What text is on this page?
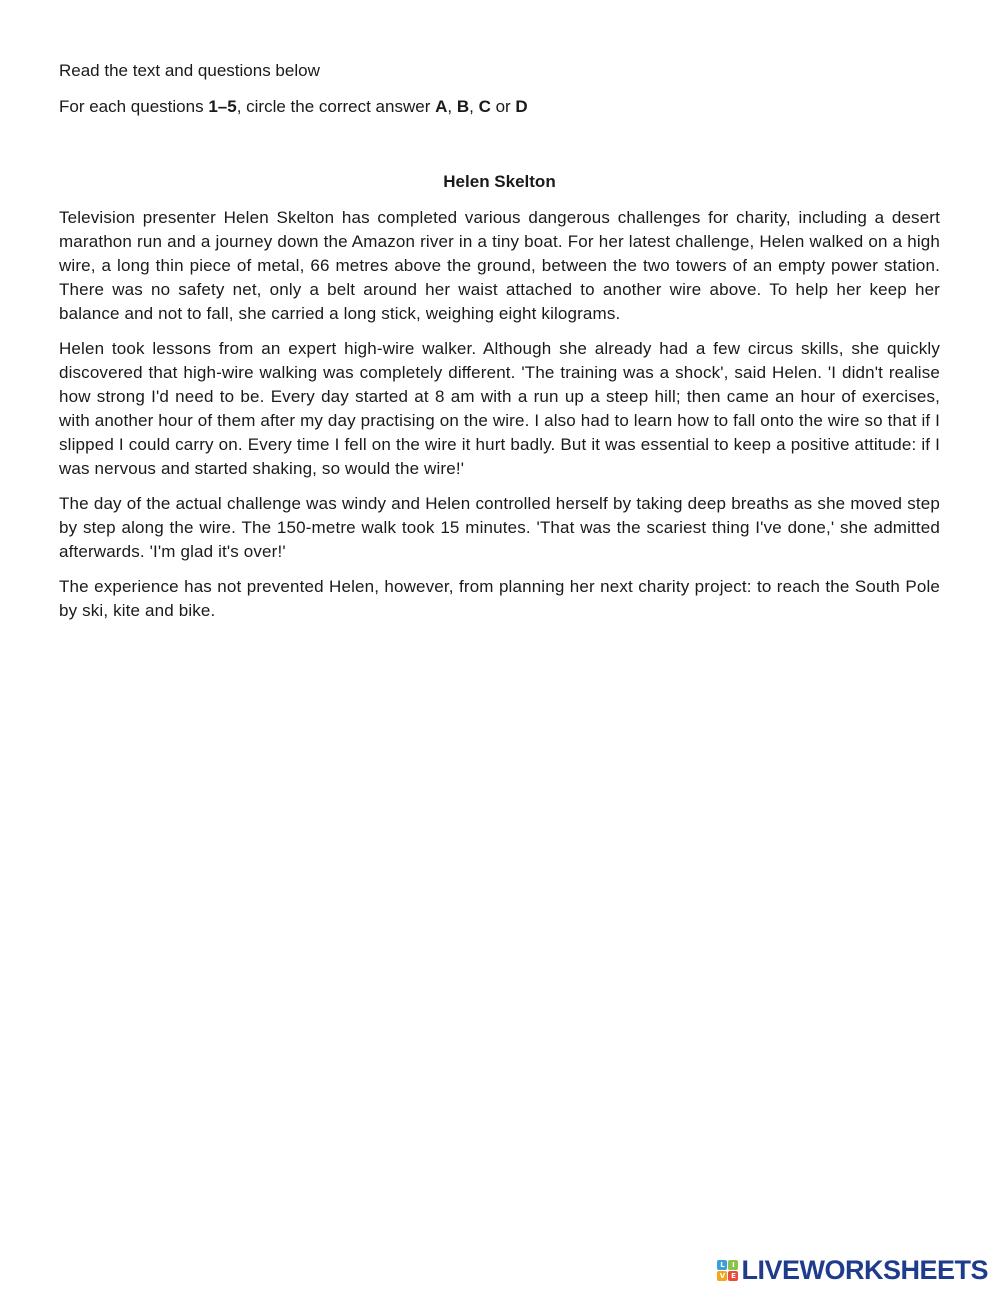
Read the text and questions below

For each questions 1–5, circle the correct answer A, B, C or D

Helen Skelton

Television presenter Helen Skelton has completed various dangerous challenges for charity, including a desert marathon run and a journey down the Amazon river in a tiny boat. For her latest challenge, Helen walked on a high wire, a long thin piece of metal, 66 metres above the ground, between the two towers of an empty power station. There was no safety net, only a belt around her waist attached to another wire above. To help her keep her balance and not to fall, she carried a long stick, weighing eight kilograms.

Helen took lessons from an expert high-wire walker. Although she already had a few circus skills, she quickly discovered that high-wire walking was completely different. 'The training was a shock', said Helen. 'I didn't realise how strong I'd need to be. Every day started at 8 am with a run up a steep hill; then came an hour of exercises, with another hour of them after my day practising on the wire. I also had to learn how to fall onto the wire so that if I slipped I could carry on. Every time I fell on the wire it hurt badly. But it was essential to keep a positive attitude: if I was nervous and started shaking, so would the wire!'

The day of the actual challenge was windy and Helen controlled herself by taking deep breaths as she moved step by step along the wire. The 150-metre walk took 15 minutes. 'That was the scariest thing I've done,' she admitted afterwards. 'I'm glad it's over!'

The experience has not prevented Helen, however, from planning her next charity project: to reach the South Pole by ski, kite and bike.

L	I
V E LIVEWORKSHEETS
